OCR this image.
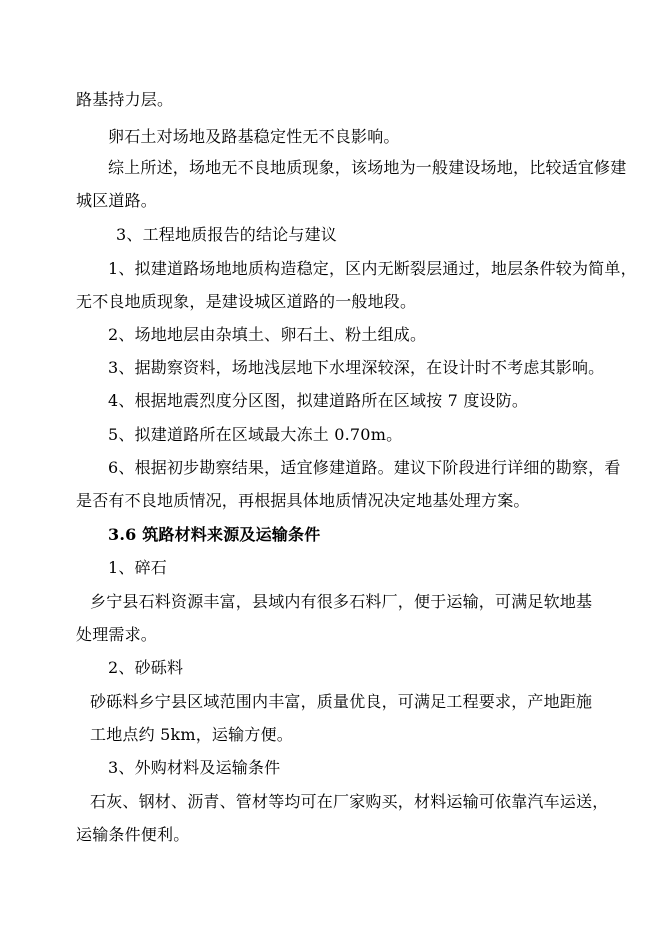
路基持力层。
卵石土对场地及路基稳定性无不良影响。
综上所述，场地无不良地质现象，该场地为一般建设场地，比较适宜修建
城区道路。
3、工程地质报告的结论与建议
1、拟建道路场地地质构造稳定，区内无断裂层通过，地层条件较为简单，
无不良地质现象，是建设城区道路的一般地段。
2、场地地层由杂填土、卵石土、粉土组成。
3、据勘察资料，场地浅层地下水埋深较深，在设计时不考虑其影响。
4、根据地震烈度分区图，拟建道路所在区域按 7 度设防。
5、拟建道路所在区域最大冻土 0.70m。
6、根据初步勘察结果，适宜修建道路。建议下阶段进行详细的勘察，看
是否有不良地质情况，再根据具体地质情况决定地基处理方案。
3.6 筑路材料来源及运输条件
1、碎石
乡宁县石料资源丰富，县域内有很多石料厂，便于运输，可满足软地基
处理需求。
2、砂砾料
砂砾料乡宁县区域范围内丰富，质量优良，可满足工程要求，产地距施
工地点约 5km，运输方便。
3、外购材料及运输条件
石灰、钢材、沥青、管材等均可在厂家购买，材料运输可依靠汽车运送，
运输条件便利。
